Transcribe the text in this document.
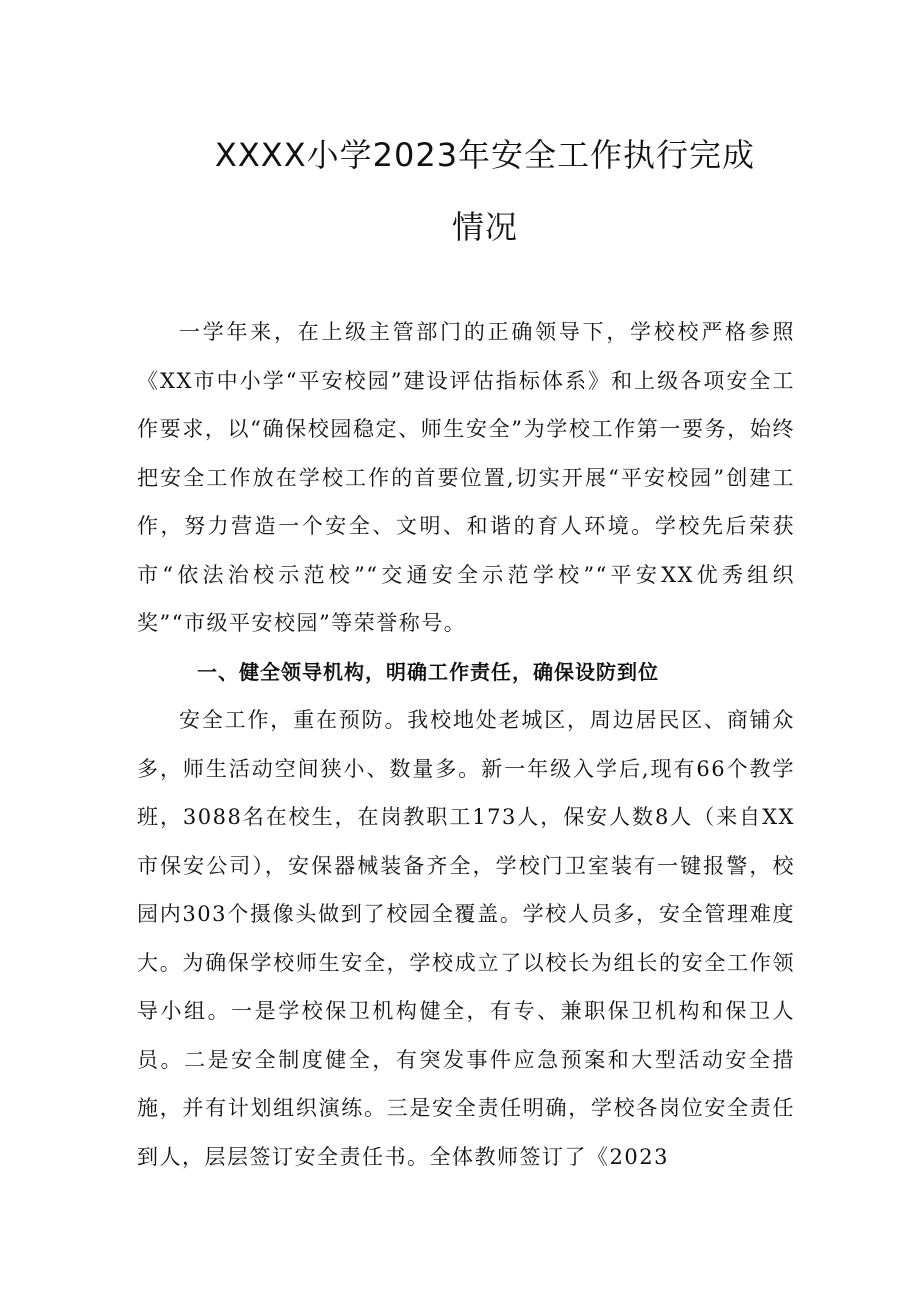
XXXX小学2023年安全工作执行完成
情况

一学年来，在上级主管部门的正确领导下，学校校严格参照《XX市中小学“平安校园”建设评估指标体系》和上级各项安全工作要求，以“确保校园稳定、师生安全”为学校工作第一要务，始终把安全工作放在学校工作的首要位置,切实开展“平安校园”创建工作，努力营造一个安全、文明、和谐的育人环境。学校先后荣获市“依法治校示范校”“交通安全示范学校”“平安XX优秀组织奖”“市级平安校园”等荣誉称号。

一、健全领导机构，明确工作责任，确保设防到位

安全工作，重在预防。我校地处老城区，周边居民区、商铺众多，师生活动空间狭小、数量多。新一年级入学后,现有66个教学班，3088名在校生，在岗教职工173人，保安人数8人（来自XX市保安公司），安保器械装备齐全，学校门卫室装有一键报警，校园内303个摄像头做到了校园全覆盖。学校人员多，安全管理难度大。为确保学校师生安全，学校成立了以校长为组长的安全工作领导小组。一是学校保卫机构健全，有专、兼职保卫机构和保卫人员。二是安全制度健全，有突发事件应急预案和大型活动安全措施，并有计划组织演练。三是安全责任明确，学校各岗位安全责任到人，层层签订安全责任书。全体教师签订了《2023
